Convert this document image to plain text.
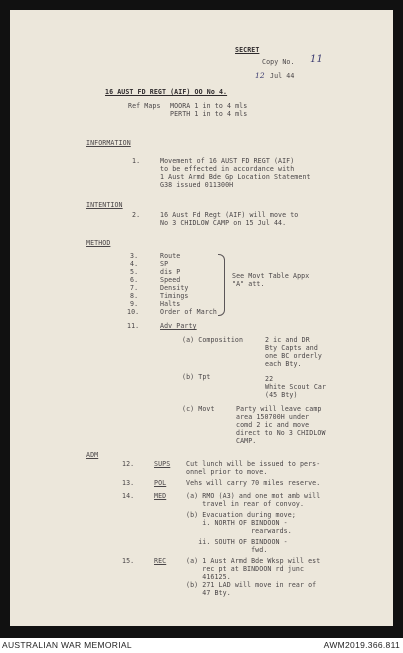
SECRET
Copy No. 11
12 Jul 44
16 AUST FD REGT (AIF) OO No 4.
Ref Maps MOORA 1 in to 4 mls
PERTH 1 in to 4 mls
INFORMATION
1.	Movement of 16 AUST FD REGT (AIF)
to be effected in accordance with
1 Aust Armd Bde Gp Location Statement
G38 issued 011300H
INTENTION
2.	16 Aust Fd Regt (AIF) will move to
No 3 CHIDLOW CAMP on 15 Jul 44.
METHOD
3.	Route
4.	SP
5.	dis P
6.	Speed
7.	Density
8.	Timings
9.	Halts
10.	Order of March
See Movt Table Appx
"A" att.
11.	Adv Party
(a) Composition	2 ic and DR
Bty Capts and
one BC orderly
each Bty.
(b) Tpt	22
White Scout Car
(45 Bty)
(c) Movt	Party will leave camp
area 150700H under
comd 2 ic and move
direct to No 3 CHIDLOW
CAMP.
ADM
12.	SUPS Cut lunch will be issued to pers-
onnel prior to move.
13.	POL	Vehs will carry 70 miles reserve.
14.	MED	(a) RMO (A3) and one mot amb will
travel in rear of convoy.
(b) Evacuation during move;
i. NORTH OF BINDOON -
rearwards.
ii. SOUTH OF BINDOON -
fwd.
15.	REC	(a) 1 Aust Armd Bde Wksp will est
rec pt at BINDOON rd junc
416125.
(b) 271 LAD will move in rear of
47 Bty.
AUSTRALIAN WAR MEMORIAL	AWM2019.366.811
